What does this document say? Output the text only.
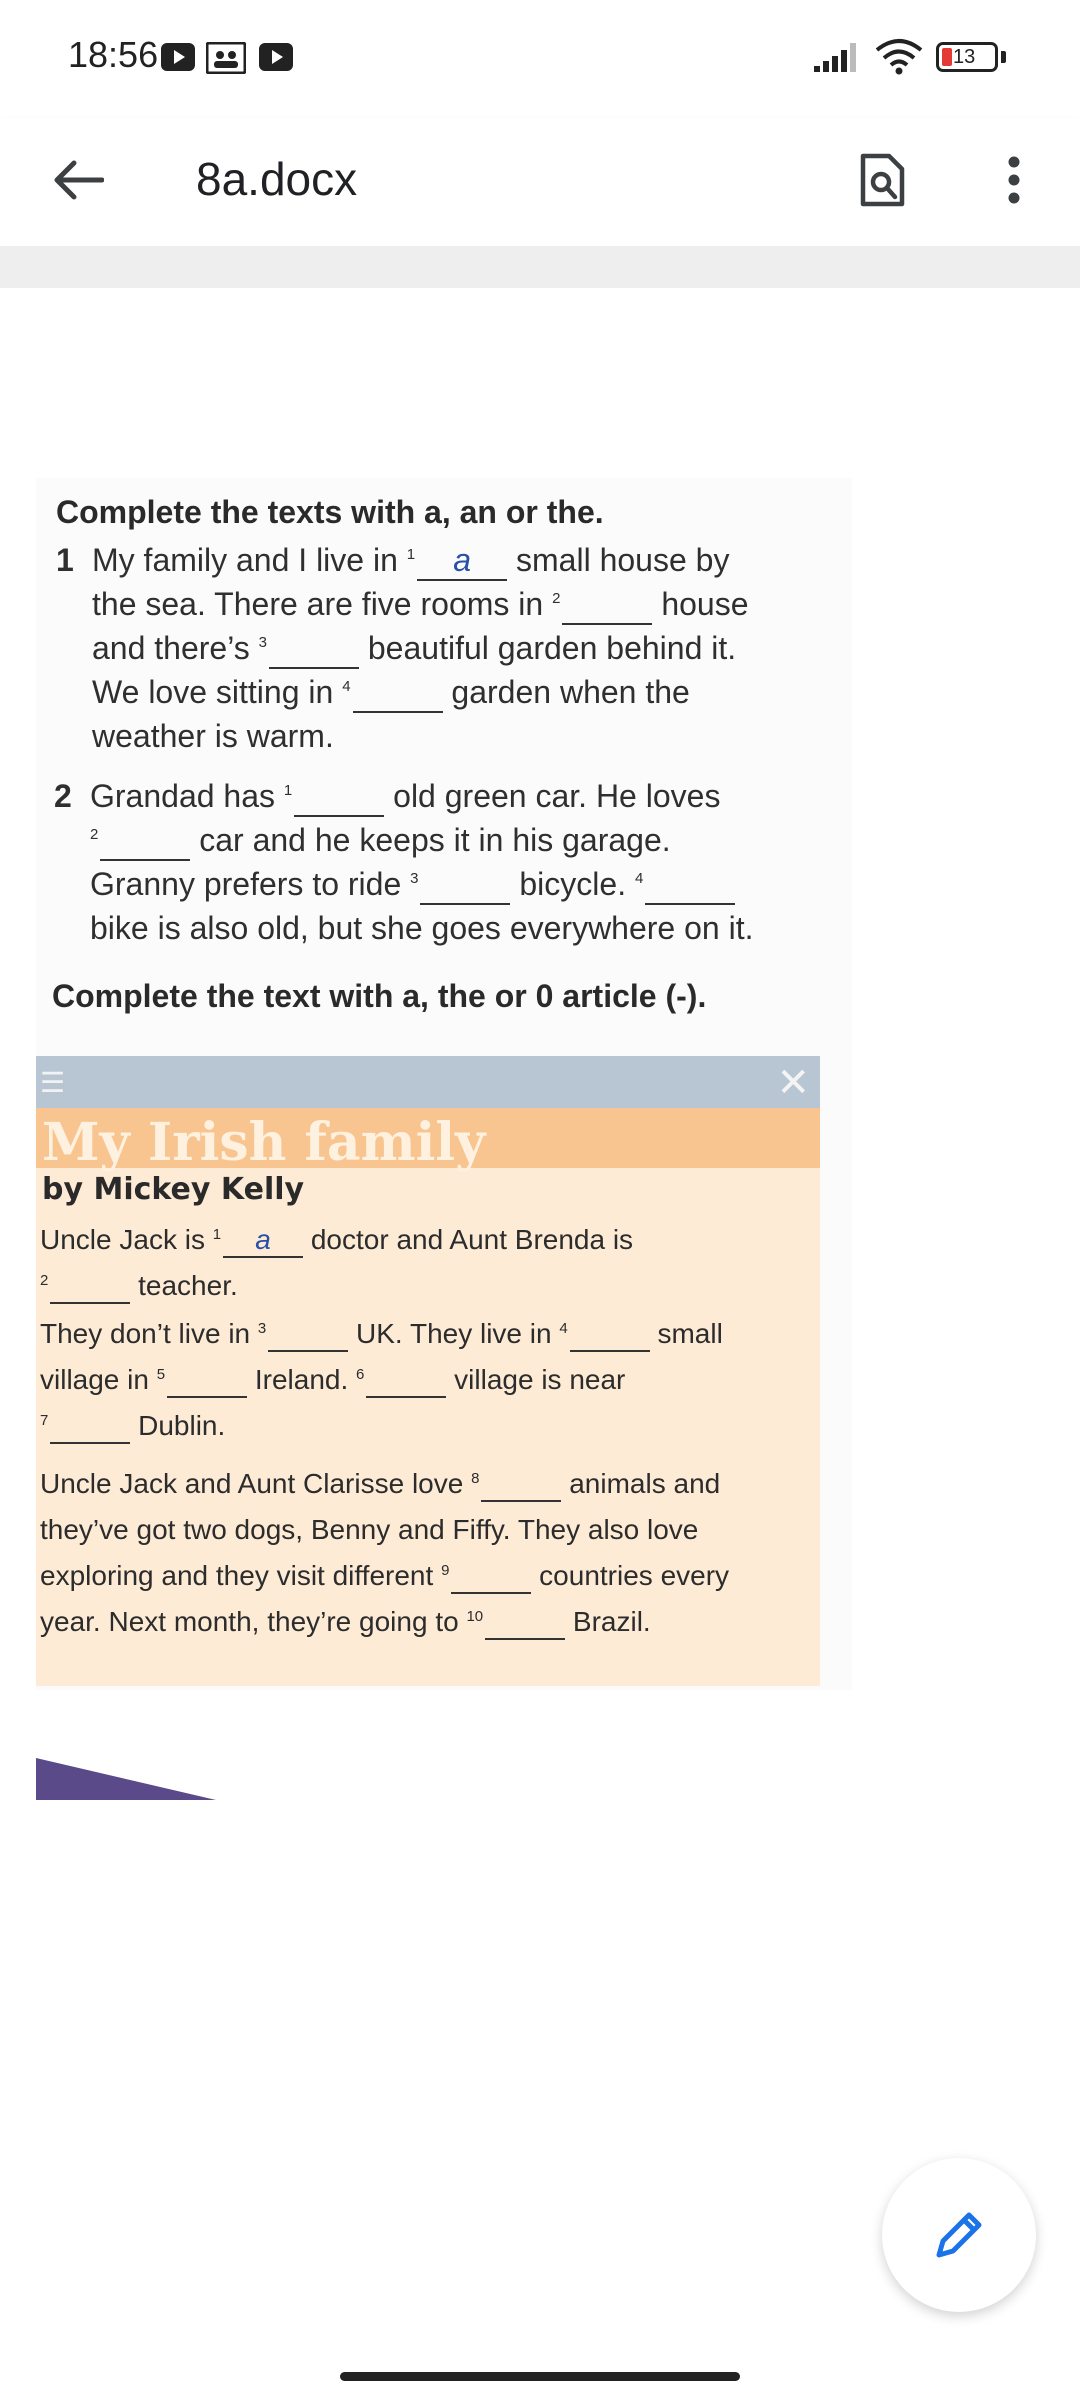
18:56	13
8a.docx
Complete the texts with a, an or the.
1 My family and I live in $^1$ a small house by
the sea. There are five rooms in $^2$	house
and there’s $^3$	beautiful garden behind it.
We love sitting in $^4$	garden when the
weather is warm.
2 Grandad has $^1$	old green car. He loves
$^2$	car and he keeps it in his garage.
Granny prefers to ride $^3$	bicycle. $^4$
bike is also old, but she goes everywhere on it.
Complete the text with a, the or 0 article (-).
☰	✕
My Irish family
by Mickey Kelly
Uncle Jack is $^1$ a doctor and Aunt Brenda is
$^2$	teacher.
They don’t live in $^3$	UK. They live in $^4$	small
village in $^5$	Ireland. $^6$	village is near
$^7$	Dublin.
Uncle Jack and Aunt Clarisse love $^8$	animals and
they’ve got two dogs, Benny and Fiffy. They also love
exploring and they visit different $^9$	countries every
year. Next month, they’re going to $^{10}$	Brazil.
